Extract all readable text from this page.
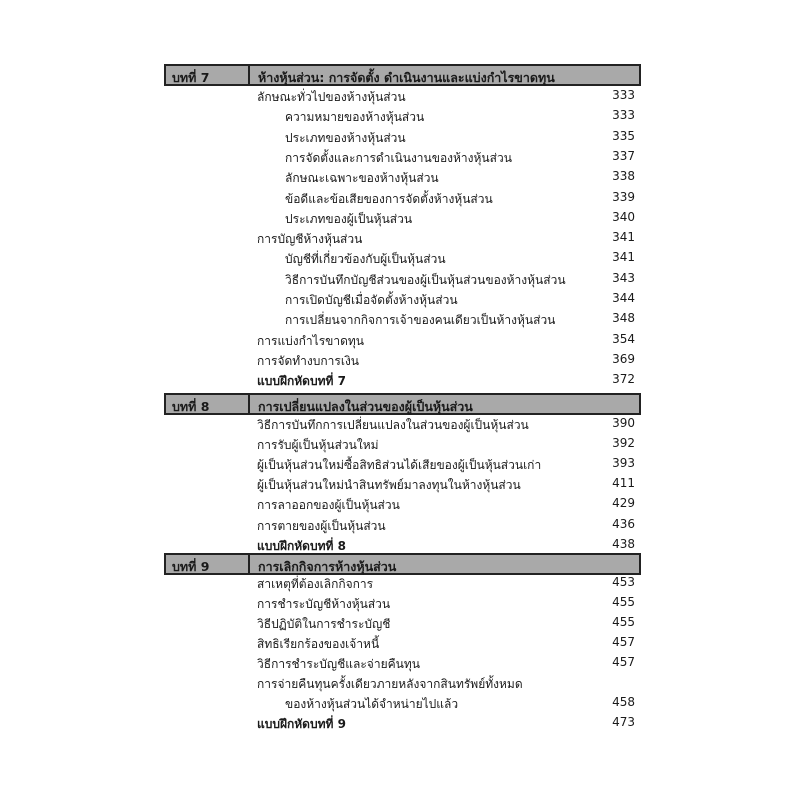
บทที่ 7	ห้างหุ้นส่วน: การจัดตั้ง ดำเนินงานและแบ่งกำไรขาดทุน
ลักษณะทั่วไปของห้างหุ้นส่วน	333
ความหมายของห้างหุ้นส่วน	333
ประเภทของห้างหุ้นส่วน	335
การจัดตั้งและการดำเนินงานของห้างหุ้นส่วน	337
ลักษณะเฉพาะของห้างหุ้นส่วน	338
ข้อดีและข้อเสียของการจัดตั้งห้างหุ้นส่วน	339
ประเภทของผู้เป็นหุ้นส่วน	340
การบัญชีห้างหุ้นส่วน	341
บัญชีที่เกี่ยวข้องกับผู้เป็นหุ้นส่วน	341
วิธีการบันทึกบัญชีส่วนของผู้เป็นหุ้นส่วนของห้างหุ้นส่วน	343
การเปิดบัญชีเมื่อจัดตั้งห้างหุ้นส่วน	344
การเปลี่ยนจากกิจการเจ้าของคนเดียวเป็นห้างหุ้นส่วน	348
การแบ่งกำไรขาดทุน	354
การจัดทำงบการเงิน	369
แบบฝึกหัดบทที่ 7	372
บทที่ 8	การเปลี่ยนแปลงในส่วนของผู้เป็นหุ้นส่วน
วิธีการบันทึกการเปลี่ยนแปลงในส่วนของผู้เป็นหุ้นส่วน	390
การรับผู้เป็นหุ้นส่วนใหม่	392
ผู้เป็นหุ้นส่วนใหม่ซื้อสิทธิส่วนได้เสียของผู้เป็นหุ้นส่วนเก่า	393
ผู้เป็นหุ้นส่วนใหม่นำสินทรัพย์มาลงทุนในห้างหุ้นส่วน	411
การลาออกของผู้เป็นหุ้นส่วน	429
การตายของผู้เป็นหุ้นส่วน	436
แบบฝึกหัดบทที่ 8	438
บทที่ 9	การเลิกกิจการห้างหุ้นส่วน
สาเหตุที่ต้องเลิกกิจการ	453
การชำระบัญชีห้างหุ้นส่วน	455
วิธีปฏิบัติในการชำระบัญชี	455
สิทธิเรียกร้องของเจ้าหนี้	457
วิธีการชำระบัญชีและจ่ายคืนทุน	457
การจ่ายคืนทุนครั้งเดียวภายหลังจากสินทรัพย์ทั้งหมด
ของห้างหุ้นส่วนได้จำหน่ายไปแล้ว	458
แบบฝึกหัดบทที่ 9	473
